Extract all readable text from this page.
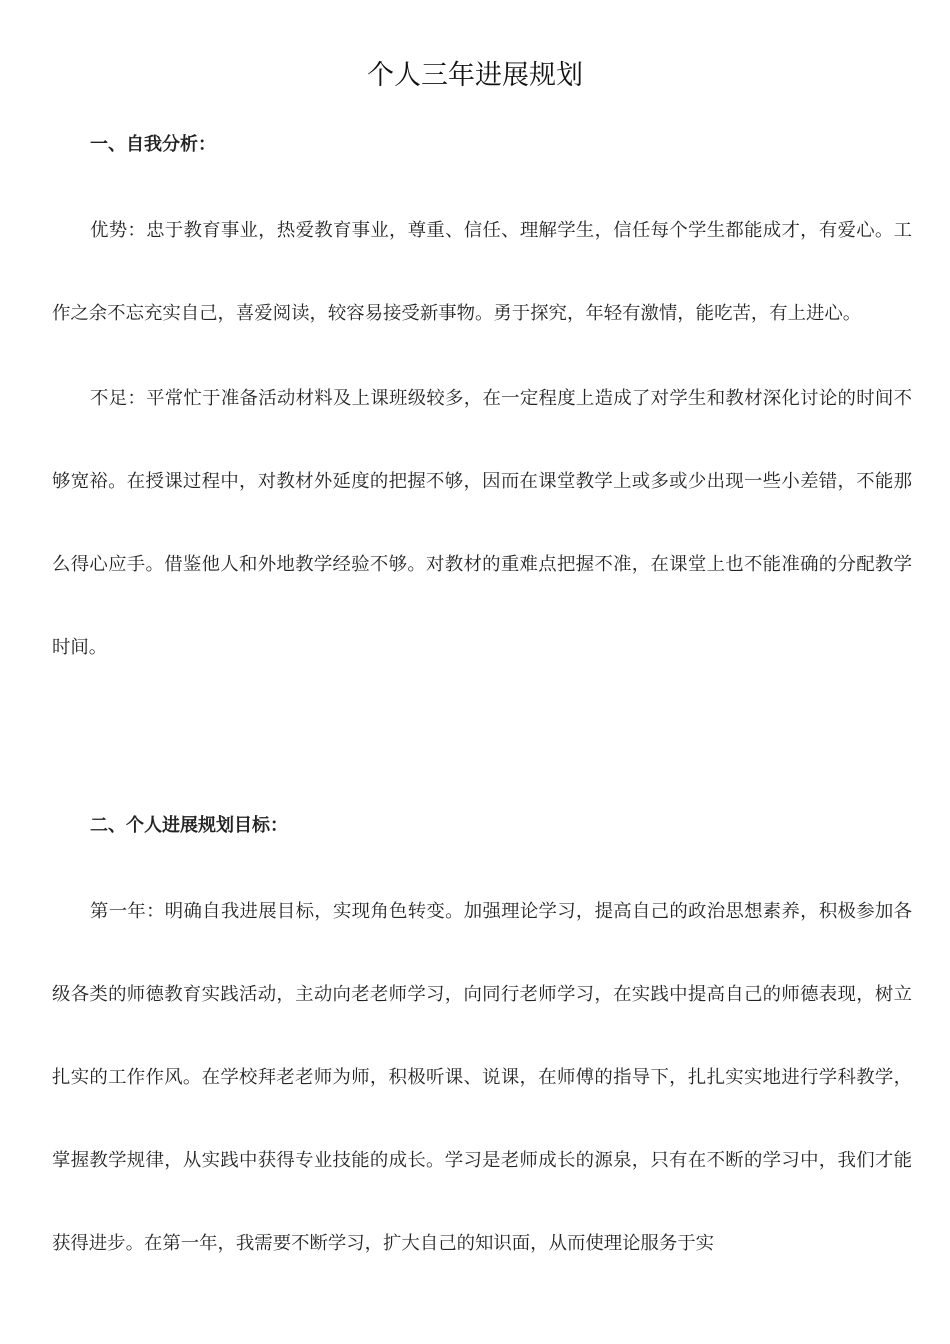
个人三年进展规划
一、自我分析：
优势：忠于教育事业，热爱教育事业，尊重、信任、理解学生，信任每个学生都能成才，有爱心。工作之余不忘充实自己，喜爱阅读，较容易接受新事物。勇于探究，年轻有激情，能吃苦，有上进心。
不足：平常忙于准备活动材料及上课班级较多，在一定程度上造成了对学生和教材深化讨论的时间不够宽裕。在授课过程中，对教材外延度的把握不够，因而在课堂教学上或多或少出现一些小差错，不能那么得心应手。借鉴他人和外地教学经验不够。对教材的重难点把握不准，在课堂上也不能准确的分配教学时间。
二、个人进展规划目标：
第一年：明确自我进展目标，实现角色转变。加强理论学习，提高自己的政治思想素养，积极参加各级各类的师德教育实践活动，主动向老老师学习，向同行老师学习，在实践中提高自己的师德表现，树立扎实的工作作风。在学校拜老老师为师，积极听课、说课，在师傅的指导下，扎扎实实地进行学科教学，掌握教学规律，从实践中获得专业技能的成长。学习是老师成长的源泉，只有在不断的学习中，我们才能获得进步。在第一年，我需要不断学习，扩大自己的知识面，从而使理论服务于实
